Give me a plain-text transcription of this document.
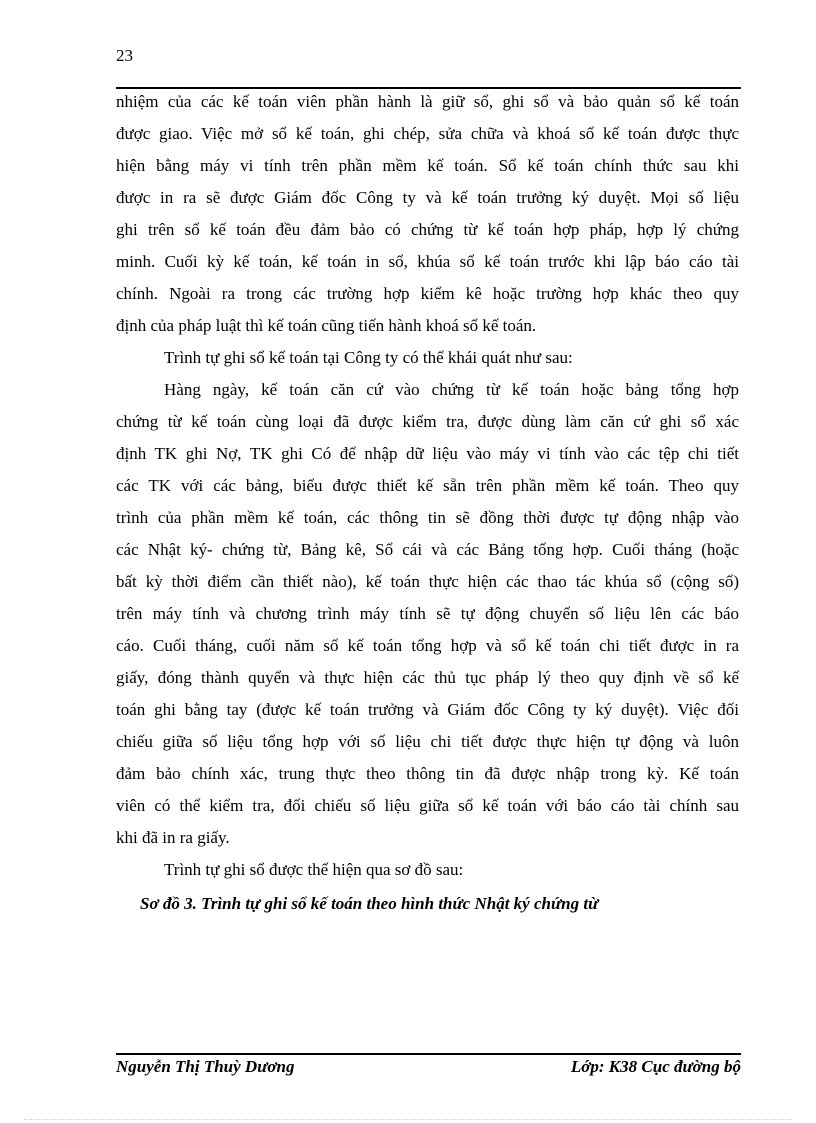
23
nhiệm của các kế toán viên phần hành là giữ sổ, ghi sổ và bảo quản sổ kế toán
được giao. Việc mở sổ kế toán, ghi chép, sửa chữa và khoá sổ kế toán được thực
hiện bằng máy vi tính trên phần mềm kế toán. Sổ kế toán chính thức sau khi
được in ra sẽ được Giám đốc Công ty và kế toán trưởng ký duyệt. Mọi số liệu
ghi trên sổ kế toán đều đảm bảo có chứng từ kế toán hợp pháp, hợp lý chứng
minh. Cuối kỳ kế toán, kế toán in sổ, khúa sổ kế toán trước khi lập báo cáo tài
chính. Ngoài ra trong các trường hợp kiểm kê hoặc trường hợp khác theo quy
định của pháp luật thì kế toán cũng tiến hành khoá sổ kế toán.
Trình tự ghi sổ kế toán tại Công ty có thể khái quát như sau:
Hàng ngày, kế toán căn cứ vào chứng từ kế toán hoặc bảng tổng hợp
chứng từ kế toán cùng loại đã được kiểm tra, được dùng làm căn cứ ghi sổ xác
định TK ghi Nợ, TK ghi Có để nhập dữ liệu vào máy vi tính vào các tệp chi tiết
các TK với các bảng, biểu được thiết kế sẵn trên phần mềm kế toán. Theo quy
trình của phần mềm kế toán, các thông tin sẽ đồng thời được tự động nhập vào
các Nhật ký- chứng từ, Bảng kê, Sổ cái và các Bảng tổng hợp. Cuối tháng (hoặc
bất kỳ thời điểm cần thiết nào), kế toán thực hiện các thao tác khúa sổ (cộng sổ)
trên máy tính và chương trình máy tính sẽ tự động chuyển số liệu lên các báo
cáo. Cuối tháng, cuối năm sổ kế toán tổng hợp và sổ kế toán chi tiết được in ra
giấy, đóng thành quyển và thực hiện các thủ tục pháp lý theo quy định về sổ kế
toán ghi bằng tay (được kế toán trưởng và Giám đốc Công ty ký duyệt). Việc đối
chiếu giữa số liệu tổng hợp với số liệu chi tiết được thực hiện tự động và luôn
đảm bảo chính xác, trung thực theo thông tin đã được nhập trong kỳ. Kế toán
viên có thể kiểm tra, đối chiếu số liệu giữa sổ kế toán với báo cáo tài chính sau
khi đã in ra giấy.
Trình tự ghi sổ được thể hiện qua sơ đồ sau:
Sơ đồ 3. Trình tự ghi sổ kế toán theo hình thức Nhật ký chứng từ
Nguyễn Thị Thuỳ Dương	Lớp: K38 Cục đường bộ
